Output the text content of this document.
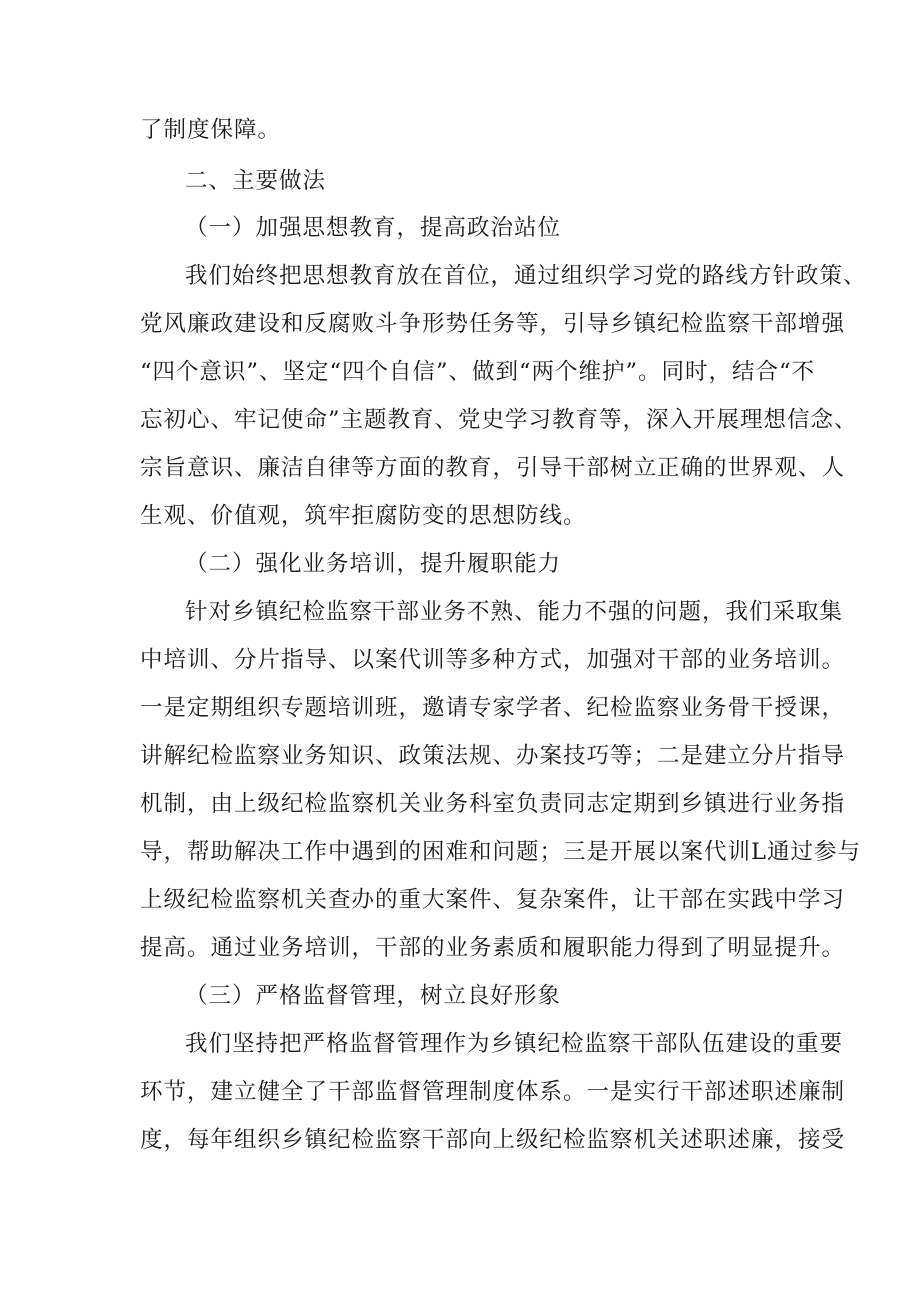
了制度保障。
二、主要做法
（一）加强思想教育，提高政治站位
我们始终把思想教育放在首位，通过组织学习党的路线方针政策、
党风廉政建设和反腐败斗争形势任务等，引导乡镇纪检监察干部增强
“四个意识”、坚定“四个自信”、做到“两个维护”。同时，结合“不
忘初心、牢记使命”主题教育、党史学习教育等，深入开展理想信念、
宗旨意识、廉洁自律等方面的教育，引导干部树立正确的世界观、人
生观、价值观，筑牢拒腐防变的思想防线。
（二）强化业务培训，提升履职能力
针对乡镇纪检监察干部业务不熟、能力不强的问题，我们采取集
中培训、分片指导、以案代训等多种方式，加强对干部的业务培训。
一是定期组织专题培训班，邀请专家学者、纪检监察业务骨干授课，
讲解纪检监察业务知识、政策法规、办案技巧等；二是建立分片指导
机制，由上级纪检监察机关业务科室负责同志定期到乡镇进行业务指
导，帮助解决工作中遇到的困难和问题；三是开展以案代训L通过参与
上级纪检监察机关查办的重大案件、复杂案件，让干部在实践中学习
提高。通过业务培训，干部的业务素质和履职能力得到了明显提升。
（三）严格监督管理，树立良好形象
我们坚持把严格监督管理作为乡镇纪检监察干部队伍建设的重要
环节，建立健全了干部监督管理制度体系。一是实行干部述职述廉制
度，每年组织乡镇纪检监察干部向上级纪检监察机关述职述廉，接受
